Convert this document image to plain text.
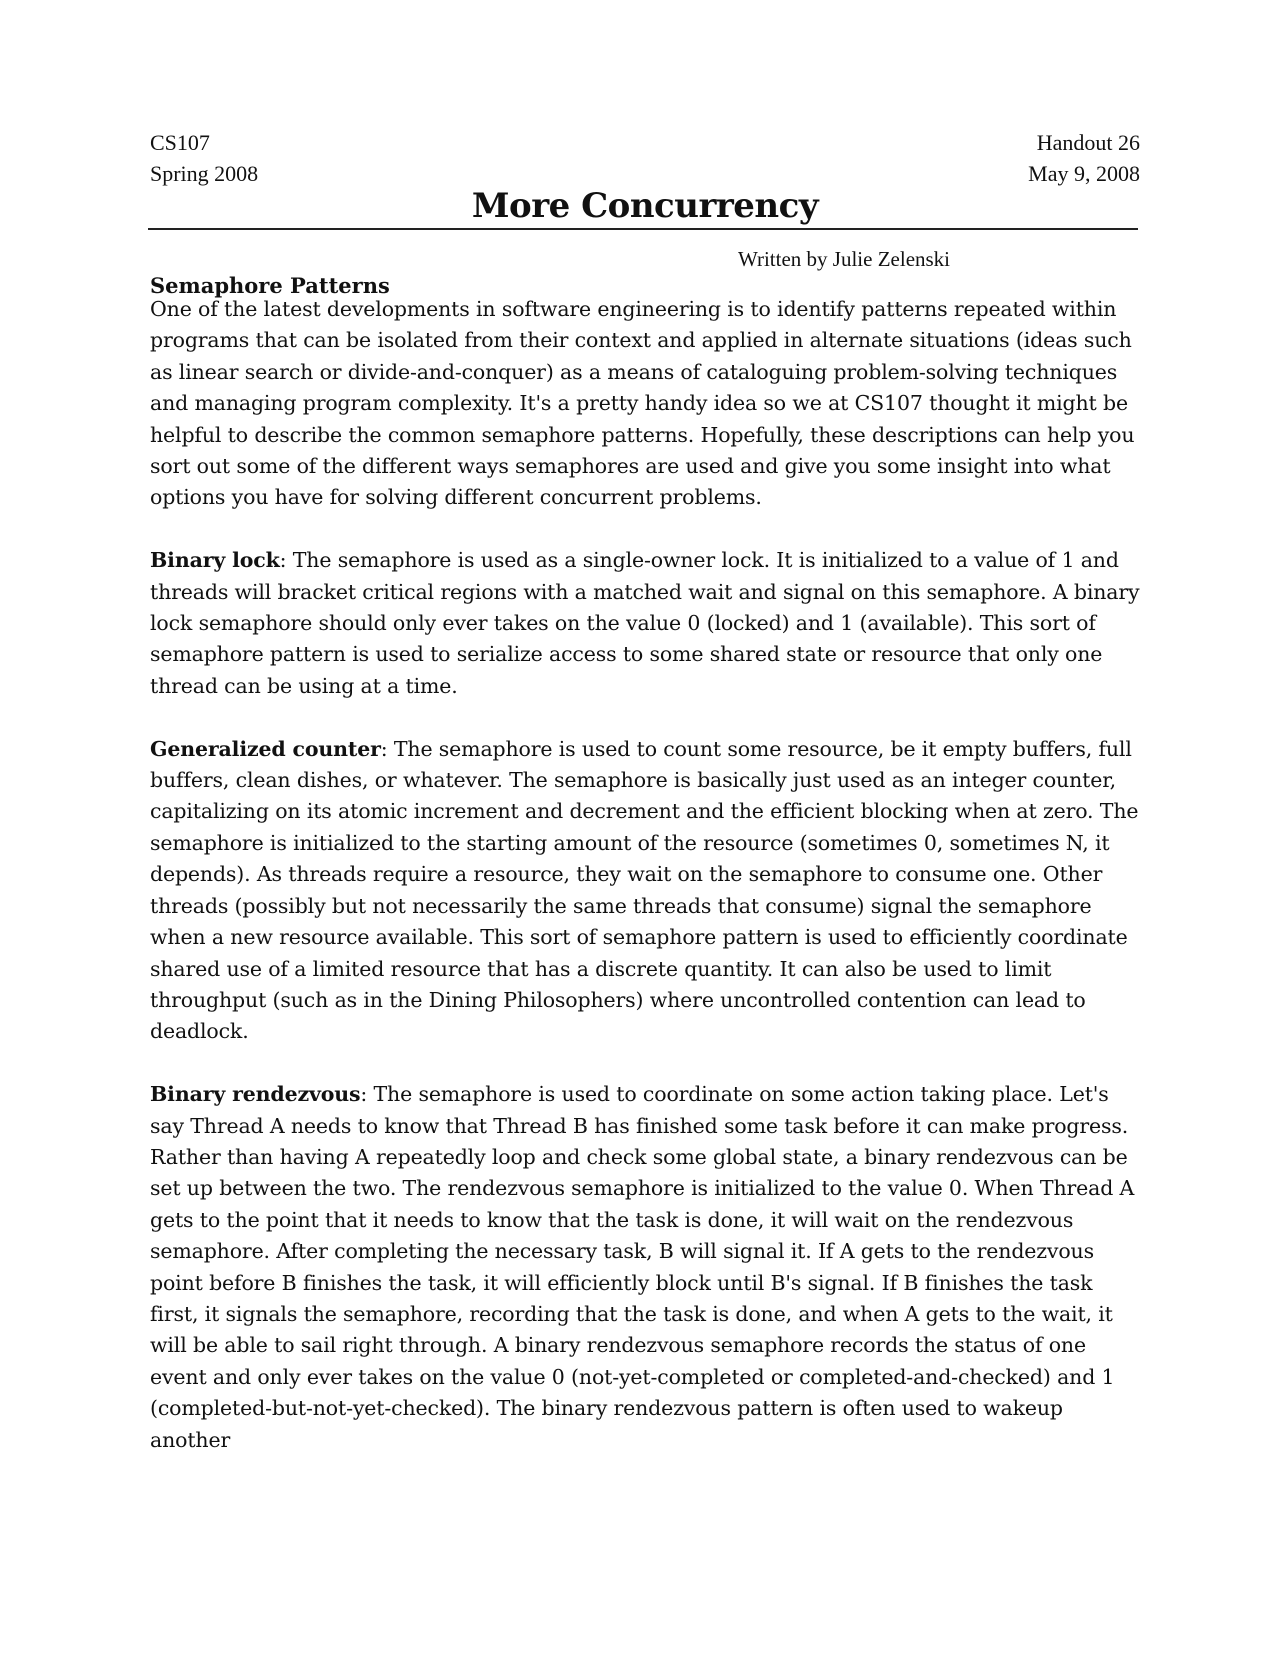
CS107	Handout 26
Spring 2008	May 9, 2008
More Concurrency
Written by Julie Zelenski
Semaphore Patterns

One of the latest developments in software engineering is to identify patterns repeated within programs that can be isolated from their context and applied in alternate situations (ideas such as linear search or divide-and-conquer) as a means of cataloguing problem-solving techniques and managing program complexity. It's a pretty handy idea so we at CS107 thought it might be helpful to describe the common semaphore patterns. Hopefully, these descriptions can help you sort out some of the different ways semaphores are used and give you some insight into what options you have for solving different concurrent problems.

Binary lock: The semaphore is used as a single-owner lock. It is initialized to a value of 1 and threads will bracket critical regions with a matched wait and signal on this semaphore. A binary lock semaphore should only ever takes on the value 0 (locked) and 1 (available). This sort of semaphore pattern is used to serialize access to some shared state or resource that only one thread can be using at a time.

Generalized counter: The semaphore is used to count some resource, be it empty buffers, full buffers, clean dishes, or whatever. The semaphore is basically just used as an integer counter, capitalizing on its atomic increment and decrement and the efficient blocking when at zero. The semaphore is initialized to the starting amount of the resource (sometimes 0, sometimes N, it depends). As threads require a resource, they wait on the semaphore to consume one. Other threads (possibly but not necessarily the same threads that consume) signal the semaphore when a new resource available. This sort of semaphore pattern is used to efficiently coordinate shared use of a limited resource that has a discrete quantity. It can also be used to limit throughput (such as in the Dining Philosophers) where uncontrolled contention can lead to deadlock.

Binary rendezvous: The semaphore is used to coordinate on some action taking place. Let's say Thread A needs to know that Thread B has finished some task before it can make progress. Rather than having A repeatedly loop and check some global state, a binary rendezvous can be set up between the two. The rendezvous semaphore is initialized to the value 0. When Thread A gets to the point that it needs to know that the task is done, it will wait on the rendezvous semaphore. After completing the necessary task, B will signal it. If A gets to the rendezvous point before B finishes the task, it will efficiently block until B's signal. If B finishes the task first, it signals the semaphore, recording that the task is done, and when A gets to the wait, it will be able to sail right through. A binary rendezvous semaphore records the status of one event and only ever takes on the value 0 (not-yet-completed or completed-and-checked) and 1 (completed-but-not-yet-checked). The binary rendezvous pattern is often used to wakeup another
